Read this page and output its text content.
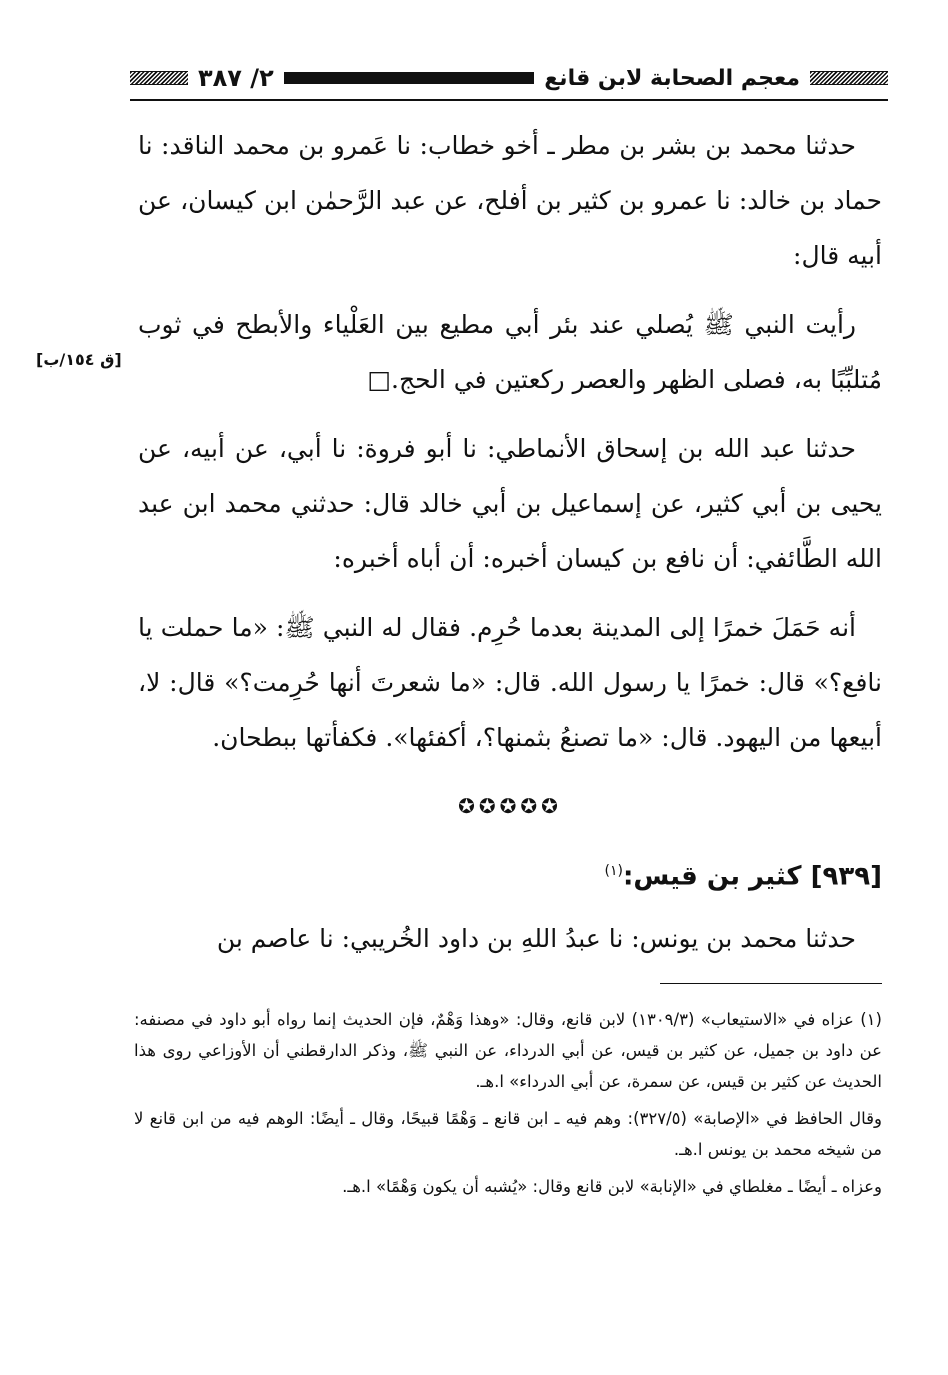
معجم الصحابة لابن قانع
٢/ ٣٨٧
[ق ١٥٤/ب]

حدثنا محمد بن بشر بن مطر ـ أخو خطاب: نا عَمرو بن محمد الناقد: نا حماد بن خالد: نا عمرو بن كثير بن أفلح، عن عبد الرَّحمٰن ابن كيسان، عن أبيه قال:

رأيت النبي ﷺ يُصلي عند بئر أبي مطيع بين العَلْياء والأبطح في ثوب مُتلبِّبًا به، فصلى الظهر والعصر ركعتين في الحج.□

حدثنا عبد الله بن إسحاق الأنماطي: نا أبو فروة: نا أبي، عن أبيه، عن يحيى بن أبي كثير، عن إسماعيل بن أبي خالد قال: حدثني محمد ابن عبد الله الطَّائفي: أن نافع بن كيسان أخبره: أن أباه أخبره:

أنه حَمَلَ خمرًا إلى المدينة بعدما حُرِم. فقال له النبي ﷺ: «ما حملت يا نافع؟» قال: خمرًا يا رسول الله. قال: «ما شعرتَ أنها حُرِمت؟» قال: لا، أبيعها من اليهود. قال: «ما تصنعُ بثمنها؟، أكفئها». فكفأتها ببطحان.

✪✪✪✪✪
[٩٣٩] كثير بن قيس:$^{(١)}$

حدثنا محمد بن يونس: نا عبدُ اللهِ بن داود الخُريبي: نا عاصم بن

(١) عزاه في «الاستيعاب» (١٣٠٩/٣) لابن قانع، وقال: «وهذا وَهْمٌ، فإن الحديث إنما رواه أبو داود في مصنفه: عن داود بن جميل، عن كثير بن قيس، عن أبي الدرداء، عن النبي ﷺ، وذكر الدارقطني أن الأوزاعي روى هذا الحديث عن كثير بن قيس، عن سمرة، عن أبي الدرداء» ا.هـ.

وقال الحافظ في «الإصابة» (٣٢٧/٥): وهم فيه ـ ابن قانع ـ وَهْمًا قبيحًا، وقال ـ أيضًا: الوهم فيه من ابن قانع لا من شيخه محمد بن يونس ا.هـ.

وعزاه ـ أيضًا ـ مغلطاي في «الإنابة» لابن قانع وقال: «يُشبه أن يكون وَهْمًا» ا.هـ.
